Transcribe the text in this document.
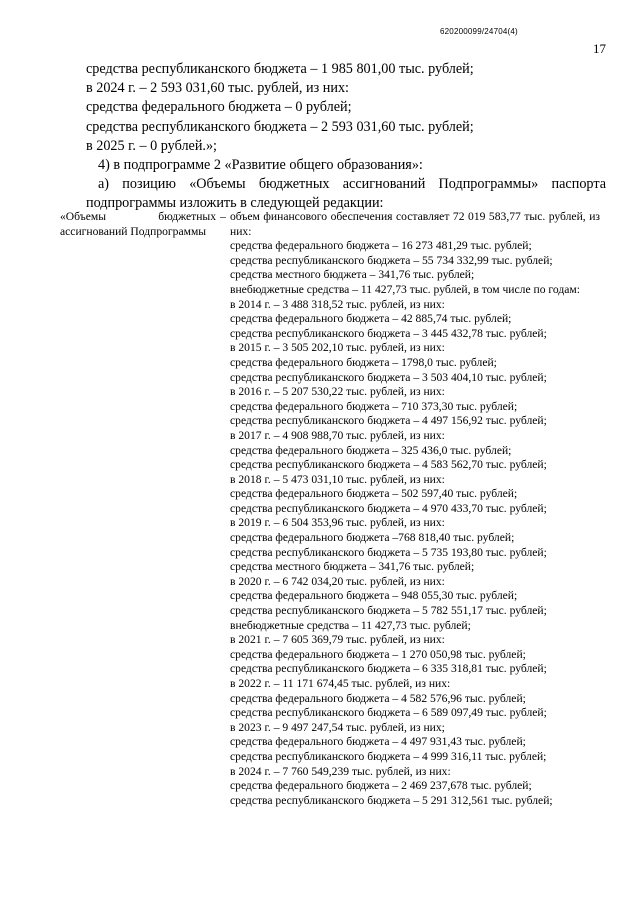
620200099/24704(4)
17
средства республиканского бюджета – 1 985 801,00 тыс. рублей;
в 2024 г. – 2 593 031,60 тыс. рублей, из них:
средства федерального бюджета – 0 рублей;
средства республиканского бюджета – 2 593 031,60 тыс. рублей;
в 2025 г. – 0 рублей.»;
4) в подпрограмме 2 «Развитие общего образования»:
а) позицию «Объемы бюджетных ассигнований Подпрограммы» паспорта
подпрограммы изложить в следующей редакции:
«Объемы бюджетных ассигнований Подпрограммы
– объем финансового обеспечения составляет 72 019 583,77 тыс. рублей, из них:
средства федерального бюджета – 16 273 481,29 тыс. рублей;
средства республиканского бюджета – 55 734 332,99 тыс. рублей;
средства местного бюджета – 341,76 тыс. рублей;
внебюджетные средства – 11 427,73 тыс. рублей, в том числе по годам:
в 2014 г. – 3 488 318,52 тыс. рублей, из них:
средства федерального бюджета – 42 885,74 тыс. рублей;
средства республиканского бюджета – 3 445 432,78 тыс. рублей;
в 2015 г. – 3 505 202,10 тыс. рублей, из них:
средства федерального бюджета – 1798,0 тыс. рублей;
средства республиканского бюджета – 3 503 404,10 тыс. рублей;
в 2016 г. – 5 207 530,22 тыс. рублей, из них:
средства федерального бюджета – 710 373,30 тыс. рублей;
средства республиканского бюджета – 4 497 156,92 тыс. рублей;
в 2017 г. – 4 908 988,70 тыс. рублей, из них:
средства федерального бюджета – 325 436,0 тыс. рублей;
средства республиканского бюджета – 4 583 562,70 тыс. рублей;
в 2018 г. – 5 473 031,10 тыс. рублей, из них:
средства федерального бюджета – 502 597,40 тыс. рублей;
средства республиканского бюджета – 4 970 433,70 тыс. рублей;
в 2019 г. – 6 504 353,96 тыс. рублей, из них:
средства федерального бюджета –768 818,40 тыс. рублей;
средства республиканского бюджета – 5 735 193,80 тыс. рублей;
средства местного бюджета – 341,76 тыс. рублей;
в 2020 г. – 6 742 034,20 тыс. рублей, из них:
средства федерального бюджета – 948 055,30 тыс. рублей;
средства республиканского бюджета – 5 782 551,17 тыс. рублей;
внебюджетные средства – 11 427,73 тыс. рублей;
в 2021 г. – 7 605 369,79 тыс. рублей, из них:
средства федерального бюджета – 1 270 050,98 тыс. рублей;
средства республиканского бюджета – 6 335 318,81 тыс. рублей;
в 2022 г. – 11 171 674,45 тыс. рублей, из них:
средства федерального бюджета – 4 582 576,96 тыс. рублей;
средства республиканского бюджета – 6 589 097,49 тыс. рублей;
в 2023 г. – 9 497 247,54 тыс. рублей, из них;
средства федерального бюджета – 4 497 931,43 тыс. рублей;
средства республиканского бюджета – 4 999 316,11 тыс. рублей;
в 2024 г. – 7 760 549,239 тыс. рублей, из них:
средства федерального бюджета – 2 469 237,678 тыс. рублей;
средства республиканского бюджета – 5 291 312,561 тыс. рублей;
